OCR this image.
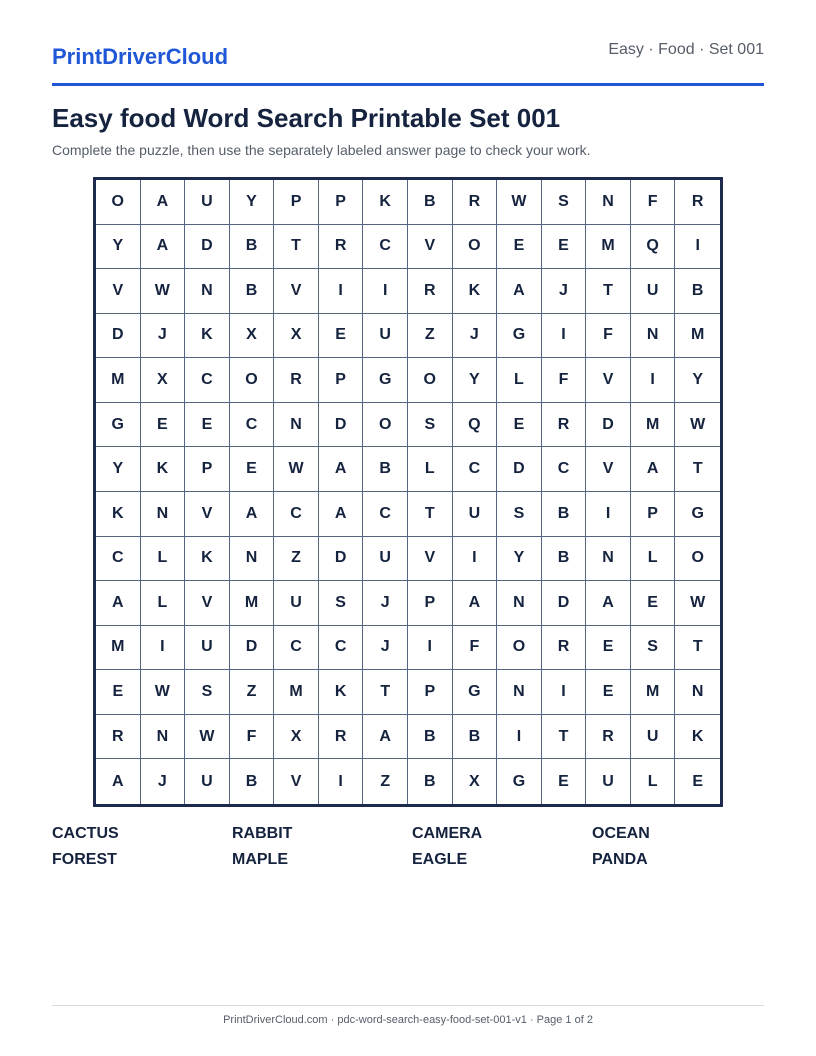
PrintDriverCloud	Easy · Food · Set 001
Easy food Word Search Printable Set 001
Complete the puzzle, then use the separately labeled answer page to check your work.
O	A	U	Y	P	P	K	B	R	W	S	N	F	R
Y	A	D	B	T	R	C	V	O	E	E	M	Q	I
V	W	N	B	V	I	I	R	K	A	J	T	U	B
D	J	K	X	X	E	U	Z	J	G	I	F	N	M
M	X	C	O	R	P	G	O	Y	L	F	V	I	Y
G	E	E	C	N	D	O	S	Q	E	R	D	M	W
Y	K	P	E	W	A	B	L	C	D	C	V	A	T
K	N	V	A	C	A	C	T	U	S	B	I	P	G
C	L	K	N	Z	D	U	V	I	Y	B	N	L	O
A	L	V	M	U	S	J	P	A	N	D	A	E	W
M	I	U	D	C	C	J	I	F	O	R	E	S	T
E	W	S	Z	M	K	T	P	G	N	I	E	M	N
R	N	W	F	X	R	A	B	B	I	T	R	U	K
A	J	U	B	V	I	Z	B	X	G	E	U	L	E
CACTUS	RABBIT	CAMERA	OCEAN
FOREST	MAPLE	EAGLE	PANDA
PrintDriverCloud.com · pdc-word-search-easy-food-set-001-v1 · Page 1 of 2
